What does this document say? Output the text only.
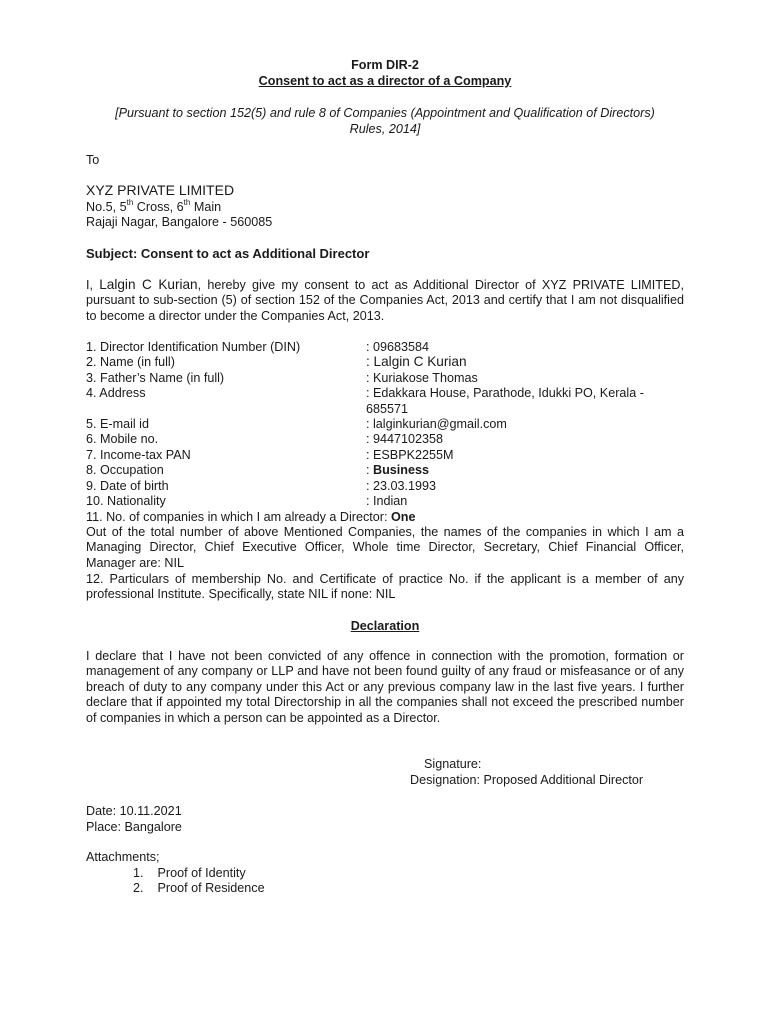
Form DIR-2
Consent to act as a director of a Company
[Pursuant to section 152(5) and rule 8 of Companies (Appointment and Qualification of Directors)
Rules, 2014]
To
XYZ PRIVATE LIMITED
No.5, 5th Cross, 6th Main
Rajaji Nagar, Bangalore - 560085
Subject: Consent to act as Additional Director
I, Lalgin C Kurian, hereby give my consent to act as Additional Director of XYZ PRIVATE LIMITED, pursuant to sub-section (5) of section 152 of the Companies Act, 2013 and certify that I am not disqualified to become a director under the Companies Act, 2013.
1. Director Identification Number (DIN)	: 09683584
2. Name (in full)	: Lalgin C Kurian
3. Father’s Name (in full)	: Kuriakose Thomas
4. Address	: Edakkara House, Parathode, Idukki PO, Kerala -
685571
5. E-mail id	: lalginkurian@gmail.com
6. Mobile no.	: 9447102358
7. Income-tax PAN	: ESBPK2255M
8. Occupation	: Business
9. Date of birth	: 23.03.1993
10. Nationality	: Indian
11. No. of companies in which I am already a Director: One
Out of the total number of above Mentioned Companies, the names of the companies in which I am a Managing Director, Chief Executive Officer, Whole time Director, Secretary, Chief Financial Officer, Manager are: NIL
12. Particulars of membership No. and Certificate of practice No. if the applicant is a member of any professional Institute. Specifically, state NIL if none: NIL
Declaration
I declare that I have not been convicted of any offence in connection with the promotion, formation or management of any company or LLP and have not been found guilty of any fraud or misfeasance or of any breach of duty to any company under this Act or any previous company law in the last five years. I further declare that if appointed my total Directorship in all the companies shall not exceed the prescribed number of companies in which a person can be appointed as a Director.
Signature:
Designation: Proposed Additional Director
Date: 10.11.2021
Place: Bangalore
Attachments;
1.    Proof of Identity
2.    Proof of Residence
